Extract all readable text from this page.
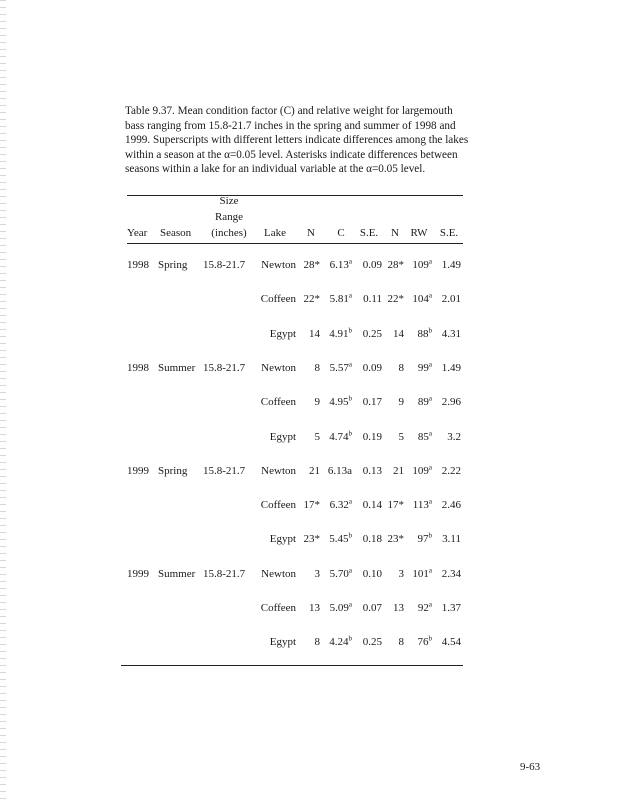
Table 9.37. Mean condition factor (C) and relative weight for largemouth bass ranging from 15.8-21.7 inches in the spring and summer of 1998 and 1999. Superscripts with different letters indicate differences among the lakes within a season at the α=0.05 level. Asterisks indicate differences between seasons within a lake for an individual variable at the α=0.05 level.

Year Season
Size
Range
(inches)	Lake	N	C	S.E.	N	RW	S.E.
1998 Spring	15.8-21.7	Newton 28* 6.13$^a$ 0.09 28* 109$^a$ 1.49
Coffeen 22* 5.81$^a$	0.11 22* 104$^a$ 2.01
Egypt	14 4.91$^b$ 0.25	14	88$^b$ 4.31
1998 Summer 15.8-21.7	Newton	8 5.57$^a$ 0.09	8	99$^a$ 1.49
Coffeen	9 4.95$^b$ 0.17	9	89$^a$ 2.96
Egypt	5 4.74$^b$ 0.19	5	85$^a$	3.2
1999 Spring	15.8-21.7	Newton	21 6.13a 0.13	21 109$^a$ 2.22
Coffeen 17* 6.32$^a$ 0.14 17* 113$^a$ 2.46
Egypt 23* 5.45$^b$ 0.18 23*	97$^b$ 3.11
1999 Summer 15.8-21.7	Newton	3 5.70$^a$ 0.10	3 101$^a$ 2.34
Coffeen	13 5.09$^a$ 0.07	13	92$^a$ 1.37
Egypt	8 4.24$^b$ 0.25	8	76$^b$ 4.54
9-63
